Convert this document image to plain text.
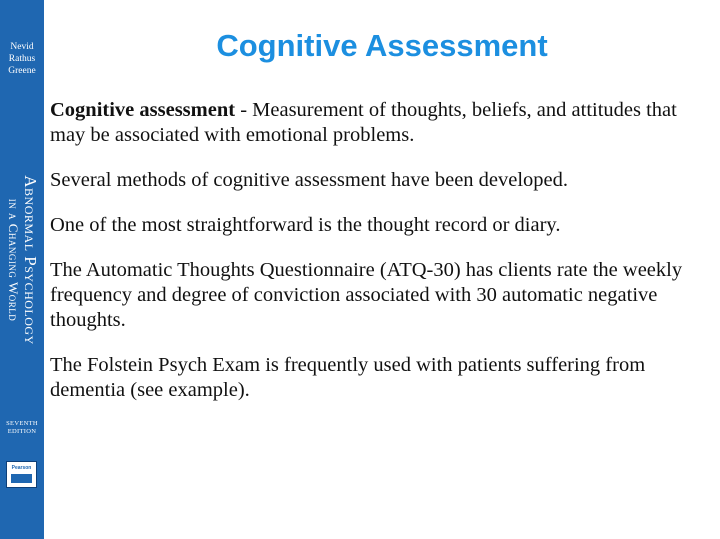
Nevid
Rathus
Greene
Abnormal Psychology
in a Changing World
SEVENTH
EDITION
Pearson
Cognitive Assessment

Cognitive assessment - Measurement of thoughts, beliefs, and attitudes that may be associated with emotional problems.

Several methods of cognitive assessment have been developed.

One of the most straightforward is the thought record or diary.

The Automatic Thoughts Questionnaire (ATQ-30) has clients rate the weekly frequency and degree of conviction associated with 30 automatic negative thoughts.

The Folstein Psych Exam is frequently used with patients suffering from dementia (see example).
